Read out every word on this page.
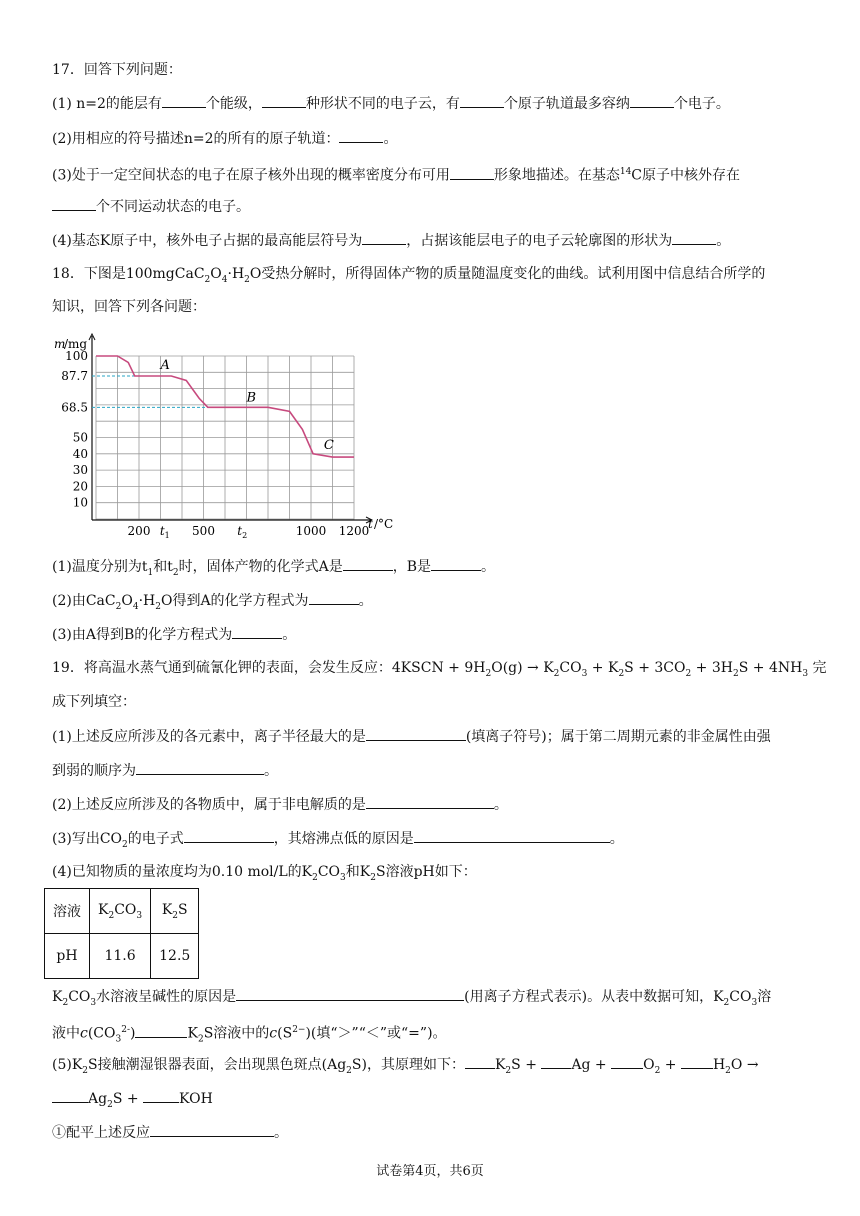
17．回答下列问题：
(1) n=2的能层有	个能级，	种形状不同的电子云，有	个原子轨道最多容纳	个电子。
(2)用相应的符号描述n=2的所有的原子轨道：	。
(3)处于一定空间状态的电子在原子核外出现的概率密度分布可用	形象地描述。在基态$^{14}$C原子中核外存在
个不同运动状态的电子。
(4)基态K原子中，核外电子占据的最高能层符号为	，占据该能层电子的电子云轮廓图的形状为	。
18．下图是$100mgCaC_2O_4\cdot H_2O$受热分解时，所得固体产物的质量随温度变化的曲线。试利用图中信息结合所学的
知识，回答下列各问题：
100
87.7
68.5
50
40
30
20
10
200	500	1000 1200
$t_1$	$t_2$
A
B
C
m
/mg
t /°C
(1)温度分别为$t_1$和$t_2$时，固体产物的化学式A是	，B是	。
(2)由$CaC_2O_4\cdot H_2O$得到A的化学方程式为	。
(3)由A得到B的化学方程式为	。
19．将高温水蒸气通到硫氰化钾的表面，会发生反应：4KSCN + $9H_2O(g) \to K_2CO_3 + K_2S + 3CO_2 + 3H_2S + 4NH_3$ 完
成下列填空：
(1)上述反应所涉及的各元素中，离子半径最大的是	(填离子符号)；属于第二周期元素的非金属性由强
到弱的顺序为	。
(2)上述反应所涉及的各物质中，属于非电解质的是	。
(3)写出$CO_2$的电子式	，其熔沸点低的原因是	。
(4)已知物质的量浓度均为0.10 mol/L的$K_2CO_3$和$K_2S$溶液pH如下：
溶液	$K_2CO_3$	$K_2S$
pH	11.6	12.5
$K_2CO_3$水溶液呈碱性的原因是	(用离子方程式表示)。从表中数据可知，$K_2CO_3$溶
液中$c(CO_3^{2-})$	$K_2S$溶液中的$c(S^{2-})$(填“＞”“＜”或“=”)。
$(5)K_2S$接触潮湿银器表面，会出现黑色斑点$(Ag_2S)$，其原理如下： $K_2S + Ag + O_2 + H_2O$ →
$Ag_2S$ +	KOH
①配平上述反应	。
试卷第4页，共6页
